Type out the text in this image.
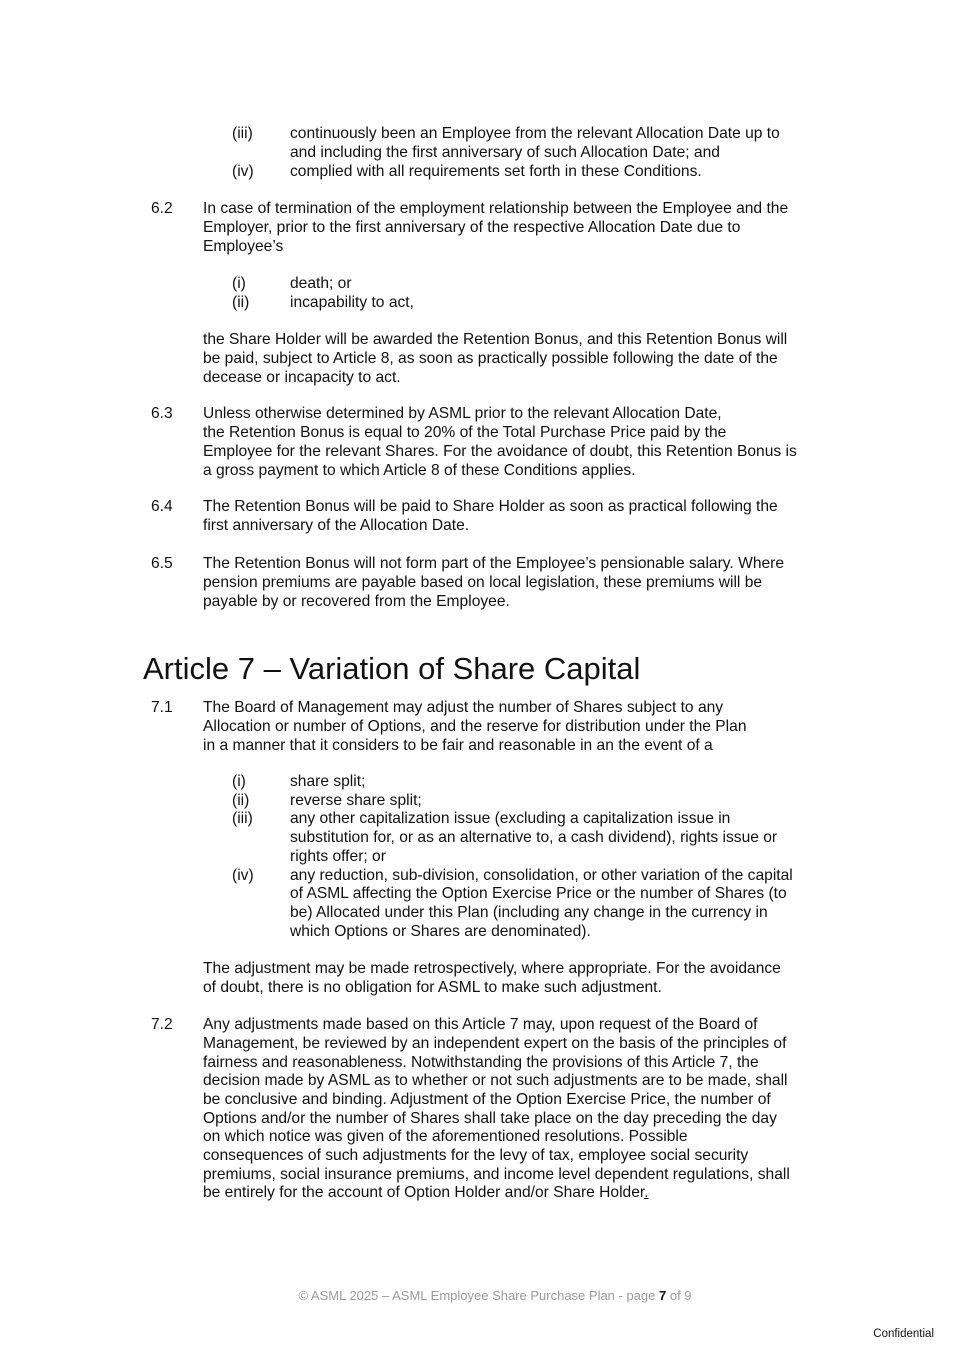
(iii) continuously been an Employee from the relevant Allocation Date up to
and including the first anniversary of such Allocation Date; and
(iv) complied with all requirements set forth in these Conditions.
6.2 In case of termination of the employment relationship between the Employee and the
Employer, prior to the first anniversary of the respective Allocation Date due to
Employee’s
(i)	death; or
(ii)	incapability to act,
the Share Holder will be awarded the Retention Bonus, and this Retention Bonus will
be paid, subject to Article 8, as soon as practically possible following the date of the
decease or incapacity to act.
6.3 Unless otherwise determined by ASML prior to the relevant Allocation Date,
the Retention Bonus is equal to 20% of the Total Purchase Price paid by the
Employee for the relevant Shares. For the avoidance of doubt, this Retention Bonus is
a gross payment to which Article 8 of these Conditions applies.
6.4 The Retention Bonus will be paid to Share Holder as soon as practical following the
first anniversary of the Allocation Date.
6.5 The Retention Bonus will not form part of the Employee’s pensionable salary. Where
pension premiums are payable based on local legislation, these premiums will be
payable by or recovered from the Employee.
Article 7 – Variation of Share Capital
7.1 The Board of Management may adjust the number of Shares subject to any
Allocation or number of Options, and the reserve for distribution under the Plan
in a manner that it considers to be fair and reasonable in an the event of a
(i)	share split;
(ii)	reverse share split;
(iii) any other capitalization issue (excluding a capitalization issue in
substitution for, or as an alternative to, a cash dividend), rights issue or
rights offer; or
(iv) any reduction, sub-division, consolidation, or other variation of the capital
of ASML affecting the Option Exercise Price or the number of Shares (to
be) Allocated under this Plan (including any change in the currency in
which Options or Shares are denominated).
The adjustment may be made retrospectively, where appropriate. For the avoidance
of doubt, there is no obligation for ASML to make such adjustment.
7.2 Any adjustments made based on this Article 7 may, upon request of the Board of
Management, be reviewed by an independent expert on the basis of the principles of
fairness and reasonableness. Notwithstanding the provisions of this Article 7, the
decision made by ASML as to whether or not such adjustments are to be made, shall
be conclusive and binding. Adjustment of the Option Exercise Price, the number of
Options and/or the number of Shares shall take place on the day preceding the day
on which notice was given of the aforementioned resolutions. Possible
consequences of such adjustments for the levy of tax, employee social security
premiums, social insurance premiums, and income level dependent regulations, shall
be entirely for the account of Option Holder and/or Share Holder.
© ASML 2025 – ASML Employee Share Purchase Plan - page 7 of 9
Confidential
